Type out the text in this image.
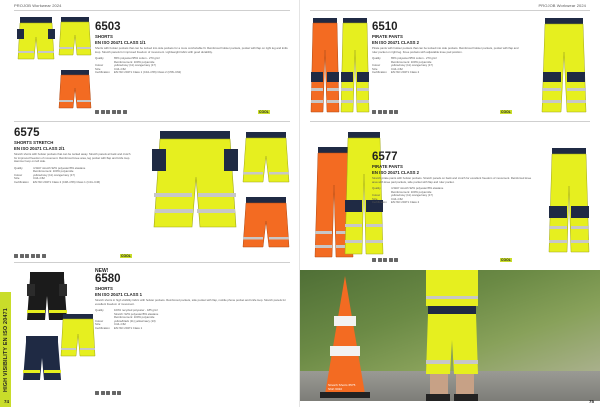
PROJOB Workwear 2024
6503
SHORTS
EN ISO 20471 CLASS 1/1
Shorts with holster pockets that can be tucked into side pockets for a more comfortable fit. Reinforced holster pockets, pocket with flap on right leg and knife loop. Stretch panels for improved freedom of movement. Lightweight fabric with good durability.
Quality	65% polyester/35% cotton - 270 g/m²
Reinforcement: 100% polyamide
Colour	yellow/navy (11) orange/navy (17)
Size	C44–C62
Certification	EN ISO 20471 Class 1 (C44–C56) Class 2 (C58–C62)
COOL
6575
SHORTS STRETCH
EN ISO 20471 CLASS 2/1
Stretch shorts with holster pockets that can be tucked away. Stretch panels at back and crotch for improved freedom of movement. Reinforced knee area, leg pocket with flap and knife loop. Hammer loop on left side.
Quality	4-WAY stretch 92% polyester/8% elastane
Reinforcement: 100% polyamide
Colour	yellow/navy (11) orange/navy (17)
Size	C44–C62
Certification	EN ISO 20471 Class 2 (C48–C56) Class 1 (C44–C46)
COOL
NEW!
6580
SHORTS
EN ISO 20471 CLASS 1
Stretch shorts in high visibility fabric with holster pockets. Reinforced pockets, side pocket with flap, mobile phone pocket and knife loop. Stretch panels for excellent freedom of movement.
Quality	100% recycled polyester - 185 g/m²
Stretch: 92% polyester/8% elastane
Reinforcement: 100% polyamide
Colour	yellow/black (11) yellow/navy (13)
Size	C44–C62
Certification	EN ISO 20471 Class 1
HIGH VISIBILITY EN ISO 20471
74
PROJOB Workwear 2024
6510
PIRATE PANTS
EN ISO 20471 CLASS 2
Pirate pants with holster pockets that can be tucked into side pockets. Reinforced holster pockets, pocket with flap and ruler pocket on right leg. Knee pockets with adjustable knee pad position.
Quality	65% polyester/35% cotton - 270 g/m²
Reinforcement: 100% polyamide
Colour	yellow/navy (11) orange/navy (17)
Size	C44–C62
Certification	EN ISO 20471 Class 2
COOL
6577
PIRATE PANTS
EN ISO 20471 CLASS 2
Stretch pirate pants with holster pockets. Stretch panels on back and crotch for excellent freedom of movement. Reinforced knee area with knee pad pockets, side pocket with flap and ruler pocket.
Quality	4-WAY stretch 92% polyester/8% elastane
Reinforcement: 100% polyamide
Colour	yellow/navy (11) orange/navy (17)
Size	C44–C62
Certification	EN ISO 20471 Class 2
COOL
Stretch Shorts 6575
Shirt 6010
75
